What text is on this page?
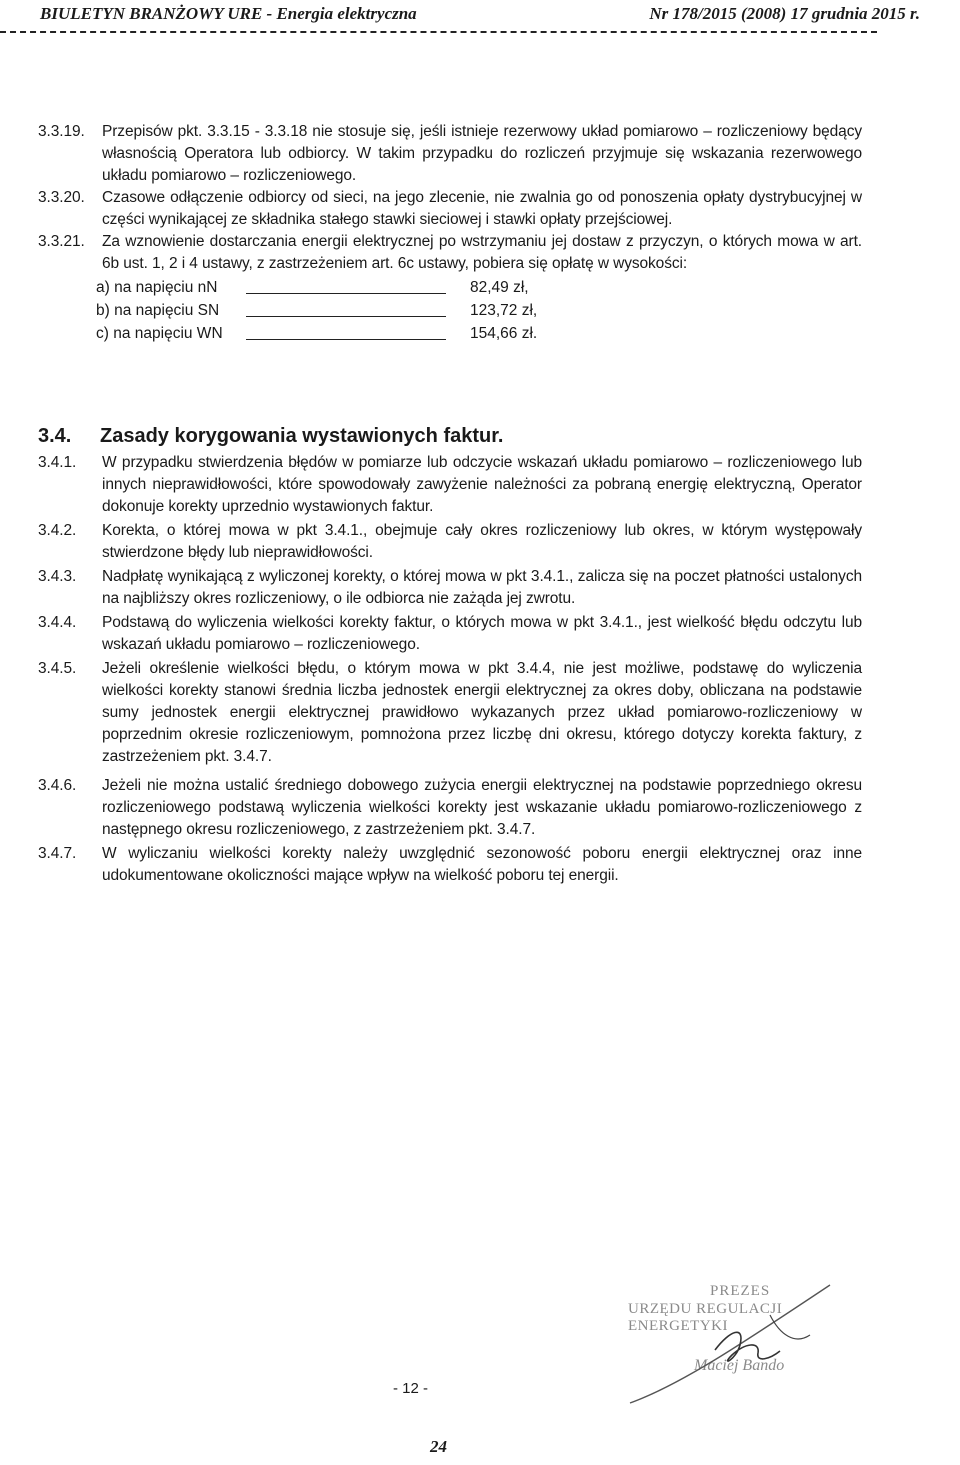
BIULETYN BRANŻOWY URE - Energia elektryczna	Nr 178/2015 (2008) 17 grudnia 2015 r.
3.3.19. Przepisów pkt. 3.3.15 - 3.3.18 nie stosuje się, jeśli istnieje rezerwowy układ pomiarowo – rozliczeniowy będący własnością Operatora lub odbiorcy. W takim przypadku do rozliczeń przyjmuje się wskazania rezerwowego układu pomiarowo – rozliczeniowego.
3.3.20. Czasowe odłączenie odbiorcy od sieci, na jego zlecenie, nie zwalnia go od ponoszenia opłaty dystrybucyjnej w części wynikającej ze składnika stałego stawki sieciowej i stawki opłaty przejściowej.
3.3.21. Za wznowienie dostarczania energii elektrycznej po wstrzymaniu jej dostaw z przyczyn, o których mowa w art. 6b ust. 1, 2 i 4 ustawy, z zastrzeżeniem art. 6c ustawy, pobiera się opłatę w wysokości:
a) na napięciu nN	82,49 zł,
b) na napięciu SN	123,72 zł,
c) na napięciu WN	154,66 zł.
3.4. Zasady korygowania wystawionych faktur.
3.4.1. W przypadku stwierdzenia błędów w pomiarze lub odczycie wskazań układu pomiarowo – rozliczeniowego lub innych nieprawidłowości, które spowodowały zawyżenie należności za pobraną energię elektryczną, Operator dokonuje korekty uprzednio wystawionych faktur.
3.4.2. Korekta, o której mowa w pkt 3.4.1., obejmuje cały okres rozliczeniowy lub okres, w którym występowały stwierdzone błędy lub nieprawidłowości.
3.4.3. Nadpłatę wynikającą z wyliczonej korekty, o której mowa w pkt 3.4.1., zalicza się na poczet płatności ustalonych na najbliższy okres rozliczeniowy, o ile odbiorca nie zażąda jej zwrotu.
3.4.4. Podstawą do wyliczenia wielkości korekty faktur, o których mowa w pkt 3.4.1., jest wielkość błędu odczytu lub wskazań układu pomiarowo – rozliczeniowego.
3.4.5. Jeżeli określenie wielkości błędu, o którym mowa w pkt 3.4.4, nie jest możliwe, podstawę do wyliczenia wielkości korekty stanowi średnia liczba jednostek energii elektrycznej za okres doby, obliczana na podstawie sumy jednostek energii elektrycznej prawidłowo wykazanych przez układ pomiarowo-rozliczeniowy w poprzednim okresie rozliczeniowym, pomnożona przez liczbę dni okresu, którego dotyczy korekta faktury, z zastrzeżeniem pkt. 3.4.7.
3.4.6. Jeżeli nie można ustalić średniego dobowego zużycia energii elektrycznej na podstawie poprzedniego okresu rozliczeniowego podstawą wyliczenia wielkości korekty jest wskazanie układu pomiarowo-rozliczeniowego z następnego okresu rozliczeniowego, z zastrzeżeniem pkt. 3.4.7.
3.4.7. W wyliczaniu wielkości korekty należy uwzględnić sezonowość poboru energii elektrycznej oraz inne udokumentowane okoliczności mające wpływ na wielkość poboru tej energii.
PREZES
URZĘDU REGULACJI ENERGETYKI
Maciej Bando
- 12 -
24
